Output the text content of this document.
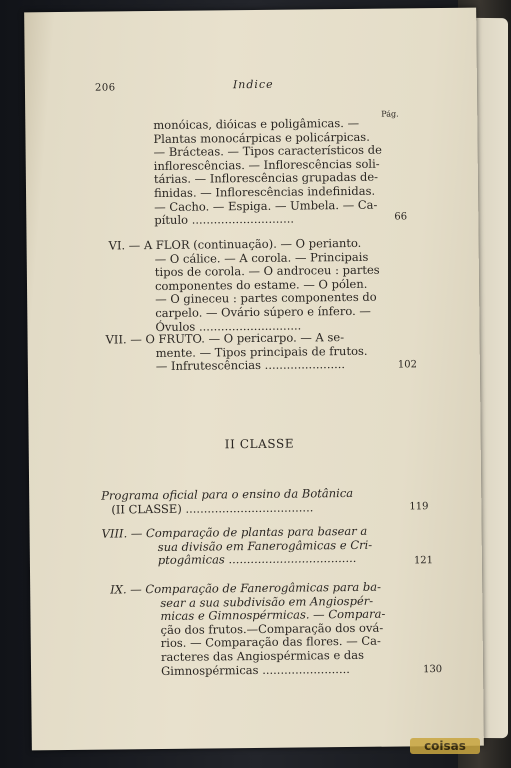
206	Indice
Pág.
monóicas, dióicas e poligâmicas. —
Plantas monocárpicas e policárpicas.
— Brácteas. — Tipos característicos de
inflorescências. — Inflorescências soli-
tárias. — Inflorescências grupadas de-
finidas. — Inflorescências indefinidas.
— Cacho. — Espiga. — Umbela. — Ca-
pítulo ............................	66
VI. — A FLOR (continuação). — O perianto.
— O cálice. — A corola. — Principais
tipos de corola. — O androceu : partes
componentes do estame. — O pólen.
— O gineceu : partes componentes do
carpelo. — Ovário súpero e ínfero. —
Óvulos ............................
VII. — O FRUTO. — O pericarpo. — A se-
mente. — Tipos principais de frutos.
— Infrutescências ......................	102
II CLASSE
Programa oficial para o ensino da Botânica
(II CLASSE) ...................................	119
VIII. — Comparação de plantas para basear a
sua divisão em Fanerogâmicas e Cri-
ptogâmicas ...................................	121
IX. — Comparação de Fanerogâmicas para ba-
sear a sua subdivisão em Angiospér-
micas e Gimnospérmicas. — Compara-
ção dos frutos.—Comparação dos ová-
rios. — Comparação das flores. — Ca-
racteres das Angiospérmicas e das
Gimnospérmicas ........................	130
coisas
